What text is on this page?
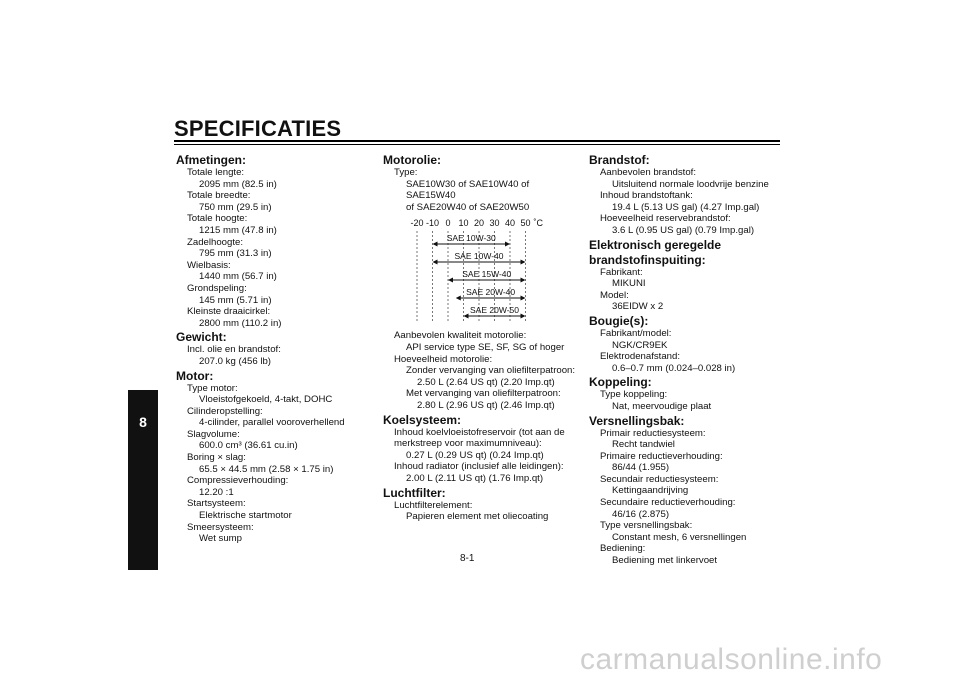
SPECIFICATIES
8
Afmetingen:
Totale lengte:
2095 mm (82.5 in)
Totale breedte:
750 mm (29.5 in)
Totale hoogte:
1215 mm (47.8 in)
Zadelhoogte:
795 mm (31.3 in)
Wielbasis:
1440 mm (56.7 in)
Grondspeling:
145 mm (5.71 in)
Kleinste draaicirkel:
2800 mm (110.2 in)
Gewicht:
Incl. olie en brandstof:
207.0 kg (456 lb)
Motor:
Type motor:
Vloeistofgekoeld, 4-takt, DOHC
Cilinderopstelling:
4-cilinder, parallel vooroverhellend
Slagvolume:
600.0 cm³ (36.61 cu.in)
Boring × slag:
65.5 × 44.5 mm (2.58 × 1.75 in)
Compressieverhouding:
12.20 :1
Startsysteem:
Elektrische startmotor
Smeersysteem:
Wet sump
Motorolie:
Type:
SAE10W30 of SAE10W40 of SAE15W40
of SAE20W40 of SAE20W50
-20 -10 0 10 20 30 40 50 ˚C
SAE 10W-30
SAE 10W-40
SAE 15W-40
SAE 20W-40
SAE 20W-50
Aanbevolen kwaliteit motorolie:
API service type SE, SF, SG of hoger
Hoeveelheid motorolie:
Zonder vervanging van oliefilterpatroon:
2.50 L (2.64 US qt) (2.20 Imp.qt)
Met vervanging van oliefilterpatroon:
2.80 L (2.96 US qt) (2.46 Imp.qt)
Koelsysteem:
Inhoud koelvloeistofreservoir (tot aan de
merkstreep voor maximumniveau):
0.27 L (0.29 US qt) (0.24 Imp.qt)
Inhoud radiator (inclusief alle leidingen):
2.00 L (2.11 US qt) (1.76 Imp.qt)
Luchtfilter:
Luchtfilterelement:
Papieren element met oliecoating
Brandstof:
Aanbevolen brandstof:
Uitsluitend normale loodvrije benzine
Inhoud brandstoftank:
19.4 L (5.13 US gal) (4.27 Imp.gal)
Hoeveelheid reservebrandstof:
3.6 L (0.95 US gal) (0.79 Imp.gal)
Elektronisch geregelde
brandstofinspuiting:
Fabrikant:
MIKUNI
Model:
36EIDW x 2
Bougie(s):
Fabrikant/model:
NGK/CR9EK
Elektrodenafstand:
0.6–0.7 mm (0.024–0.028 in)
Koppeling:
Type koppeling:
Nat, meervoudige plaat
Versnellingsbak:
Primair reductiesysteem:
Recht tandwiel
Primaire reductieverhouding:
86/44 (1.955)
Secundair reductiesysteem:
Kettingaandrijving
Secundaire reductieverhouding:
46/16 (2.875)
Type versnellingsbak:
Constant mesh, 6 versnellingen
Bediening:
Bediening met linkervoet
8-1
carmanualsonline.info
